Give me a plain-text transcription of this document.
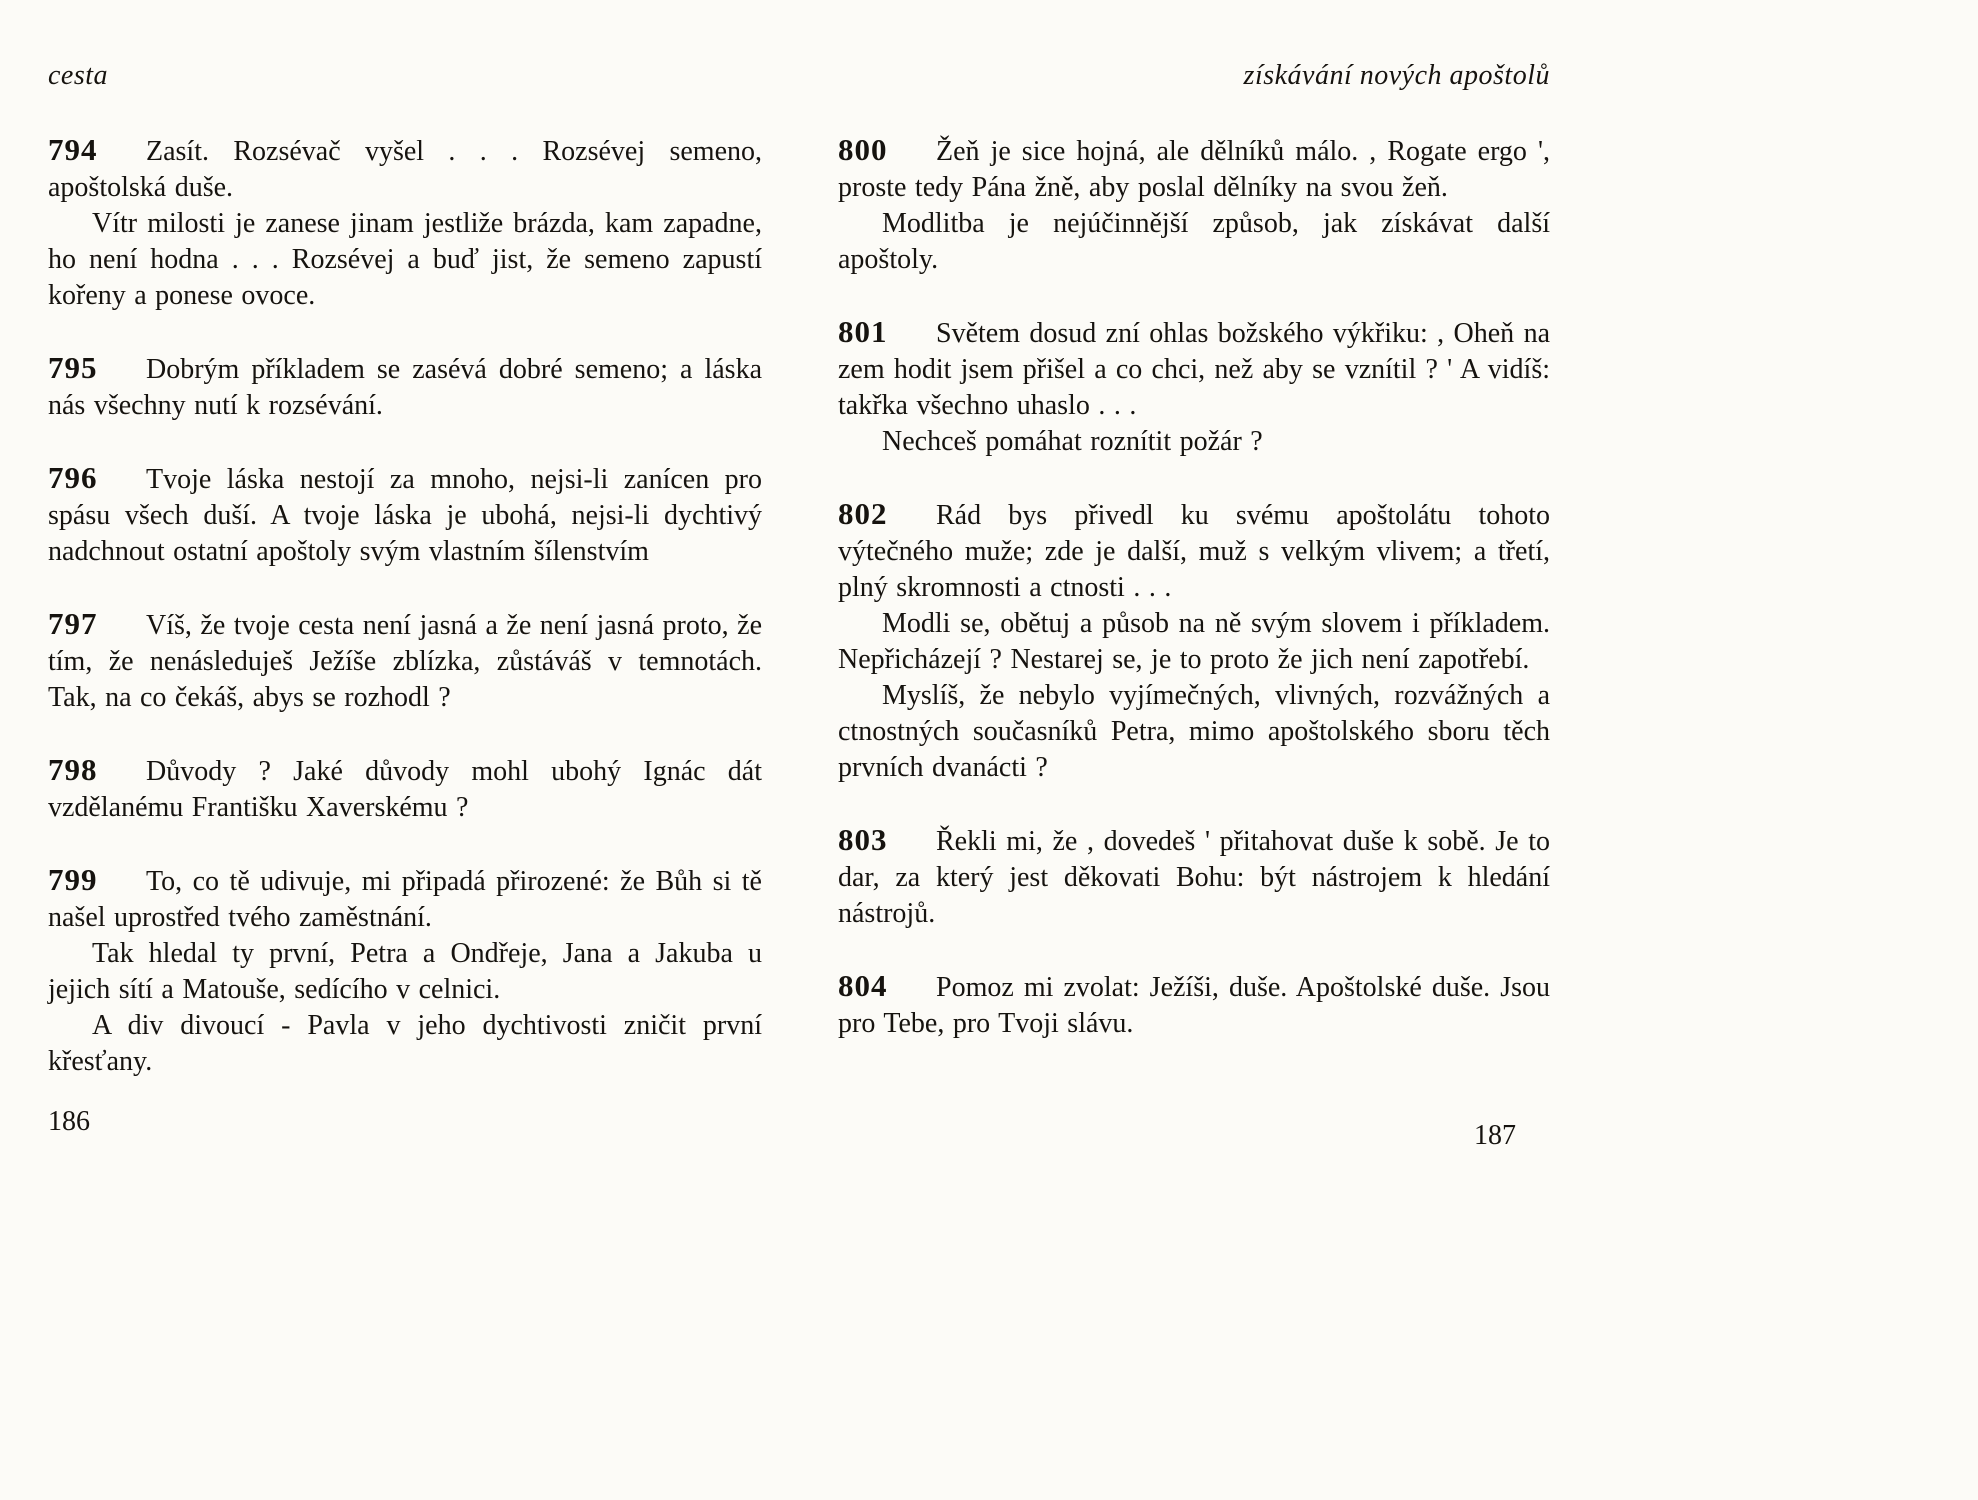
cesta

794 Zasít. Rozsévač vyšel . . . Rozsévej semeno, apoštolská duše.

Vítr milosti je zanese jinam jestliže brázda, kam zapadne, ho není hodna . . . Rozsévej a buď jist, že semeno zapustí kořeny a ponese ovoce.

795 Dobrým příkladem se zasévá dobré semeno; a láska nás všechny nutí k rozsévání.

796 Tvoje láska nestojí za mnoho, nejsi-li zanícen pro spásu všech duší. A tvoje láska je ubohá, nejsi-li dychtivý nadchnout ostatní apoštoly svým vlastním šílenstvím

797 Víš, že tvoje cesta není jasná a že není jasná proto, že tím, že nenásleduješ Ježíše zblízka, zůstáváš v temnotách. Tak, na co čekáš, abys se rozhodl ?

798 Důvody ? Jaké důvody mohl ubohý Ignác dát vzdělanému Františku Xaverskému ?

799 To, co tě udivuje, mi připadá přirozené: že Bůh si tě našel uprostřed tvého zaměstnání.

Tak hledal ty první, Petra a Ondřeje, Jana a Jakuba u jejich sítí a Matouše, sedícího v celnici.

A div divoucí - Pavla v jeho dychtivosti zničit první křesťany.

získávání nových apoštolů

800 Žeň je sice hojná, ale dělníků málo. , Rogate ergo ', proste tedy Pána žně, aby poslal dělníky na svou žeň.

Modlitba je nejúčinnější způsob, jak získávat další apoštoly.

801 Světem dosud zní ohlas božského výkřiku: , Oheň na zem hodit jsem přišel a co chci, než aby se vznítil ? ' A vidíš: takřka všechno uhaslo . . .

Nechceš pomáhat roznítit požár ?

802 Rád bys přivedl ku svému apoštolátu tohoto výtečného muže; zde je další, muž s velkým vlivem; a třetí, plný skromnosti a ctnosti . . .

Modli se, obětuj a působ na ně svým slovem i příkladem. Nepřicházejí ? Nestarej se, je to proto že jich není zapotřebí.

Myslíš, že nebylo vyjímečných, vlivných, rozvážných a ctnostných současníků Petra, mimo apoštolského sboru těch prvních dvanácti ?

803 Řekli mi, že , dovedeš ' přitahovat duše k sobě. Je to dar, za který jest děkovati Bohu: být nástrojem k hledání nástrojů.

804 Pomoz mi zvolat: Ježíši, duše. Apoštolské duše. Jsou pro Tebe, pro Tvoji slávu.

186	187
